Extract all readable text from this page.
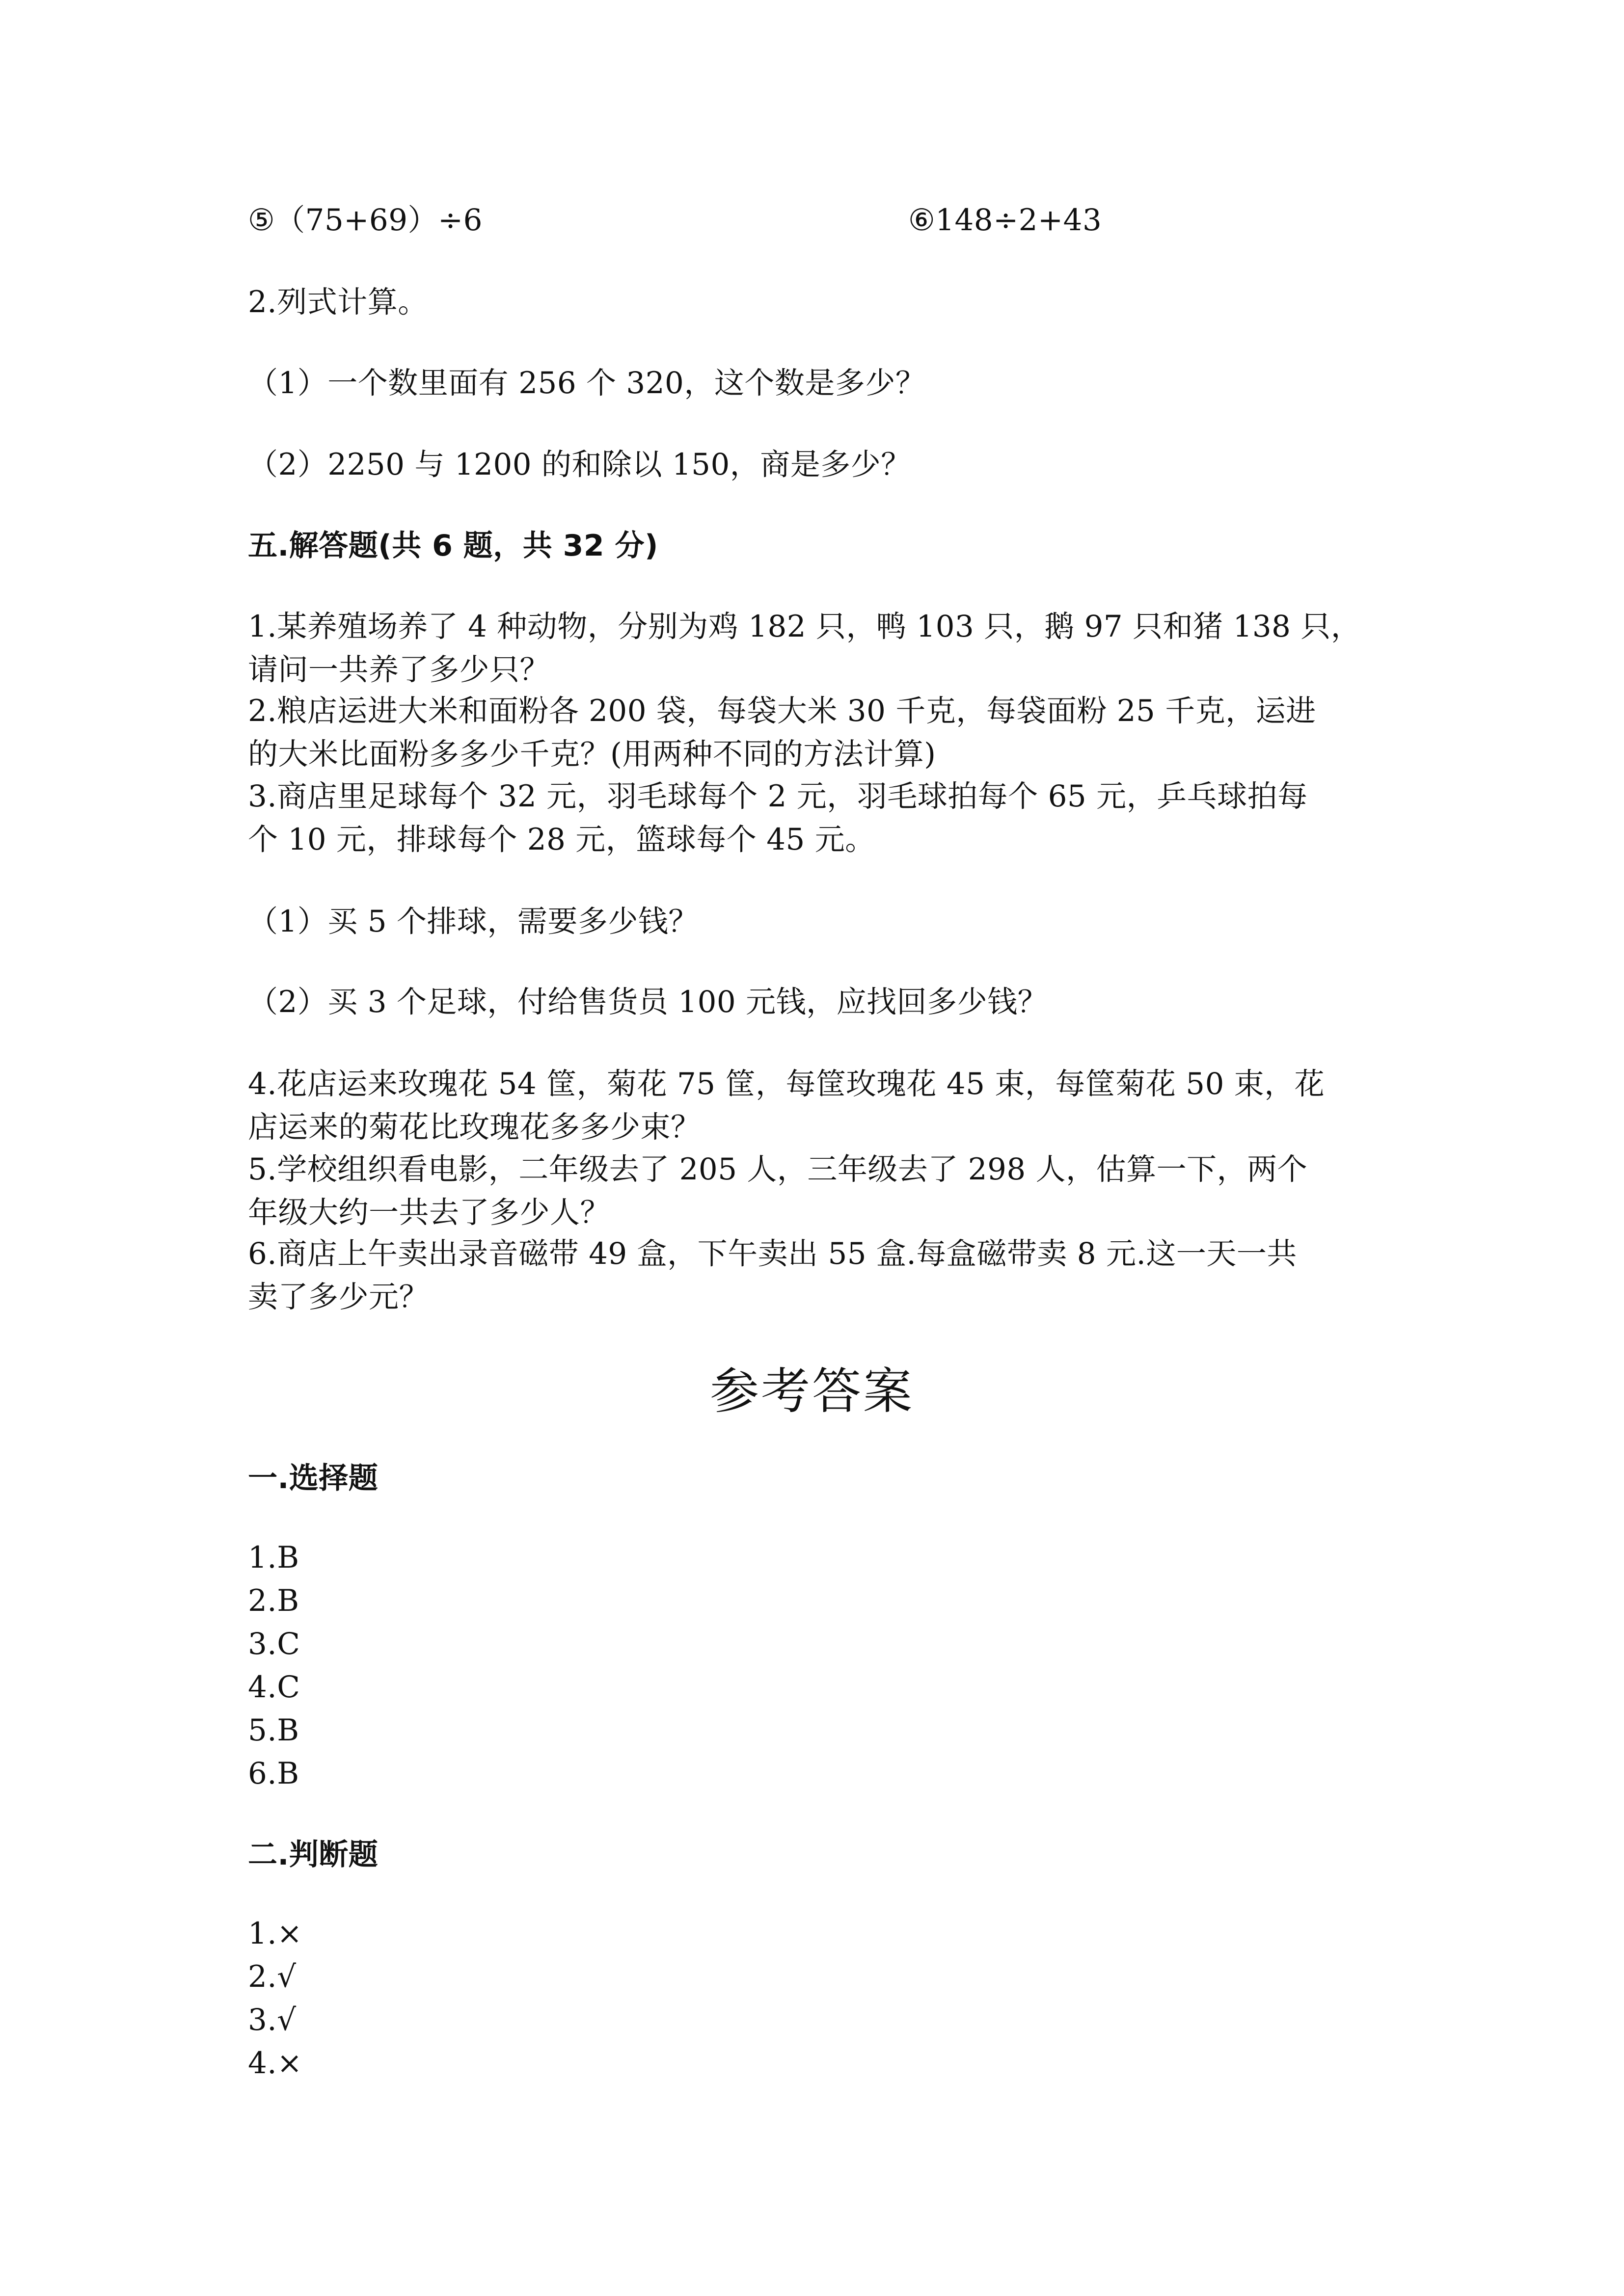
⑤（75+69）÷6	⑥148÷2+43
2.列式计算。
（1）一个数里面有 256 个 320，这个数是多少？
（2）2250 与 1200 的和除以 150，商是多少？
五.解答题(共 6 题，共 32 分)
1.某养殖场养了 4 种动物，分别为鸡 182 只，鸭 103 只，鹅 97 只和猪 138 只，
请问一共养了多少只？
2.粮店运进大米和面粉各 200 袋，每袋大米 30 千克，每袋面粉 25 千克，运进
的大米比面粉多多少千克？(用两种不同的方法计算)
3.商店里足球每个 32 元，羽毛球每个 2 元，羽毛球拍每个 65 元，乒乓球拍每
个 10 元，排球每个 28 元，篮球每个 45 元。
（1）买 5 个排球，需要多少钱？
（2）买 3 个足球，付给售货员 100 元钱，应找回多少钱？
4.花店运来玫瑰花 54 筐，菊花 75 筐，每筐玫瑰花 45 束，每筐菊花 50 束，花
店运来的菊花比玫瑰花多多少束？
5.学校组织看电影，二年级去了 205 人，三年级去了 298 人，估算一下，两个
年级大约一共去了多少人？
6.商店上午卖出录音磁带 49 盒，下午卖出 55 盒.每盒磁带卖 8 元.这一天一共
卖了多少元？
参考答案
一.选择题
1.B
2.B
3.C
4.C
5.B
6.B
二.判断题
1.×
2.√
3.√
4.×
